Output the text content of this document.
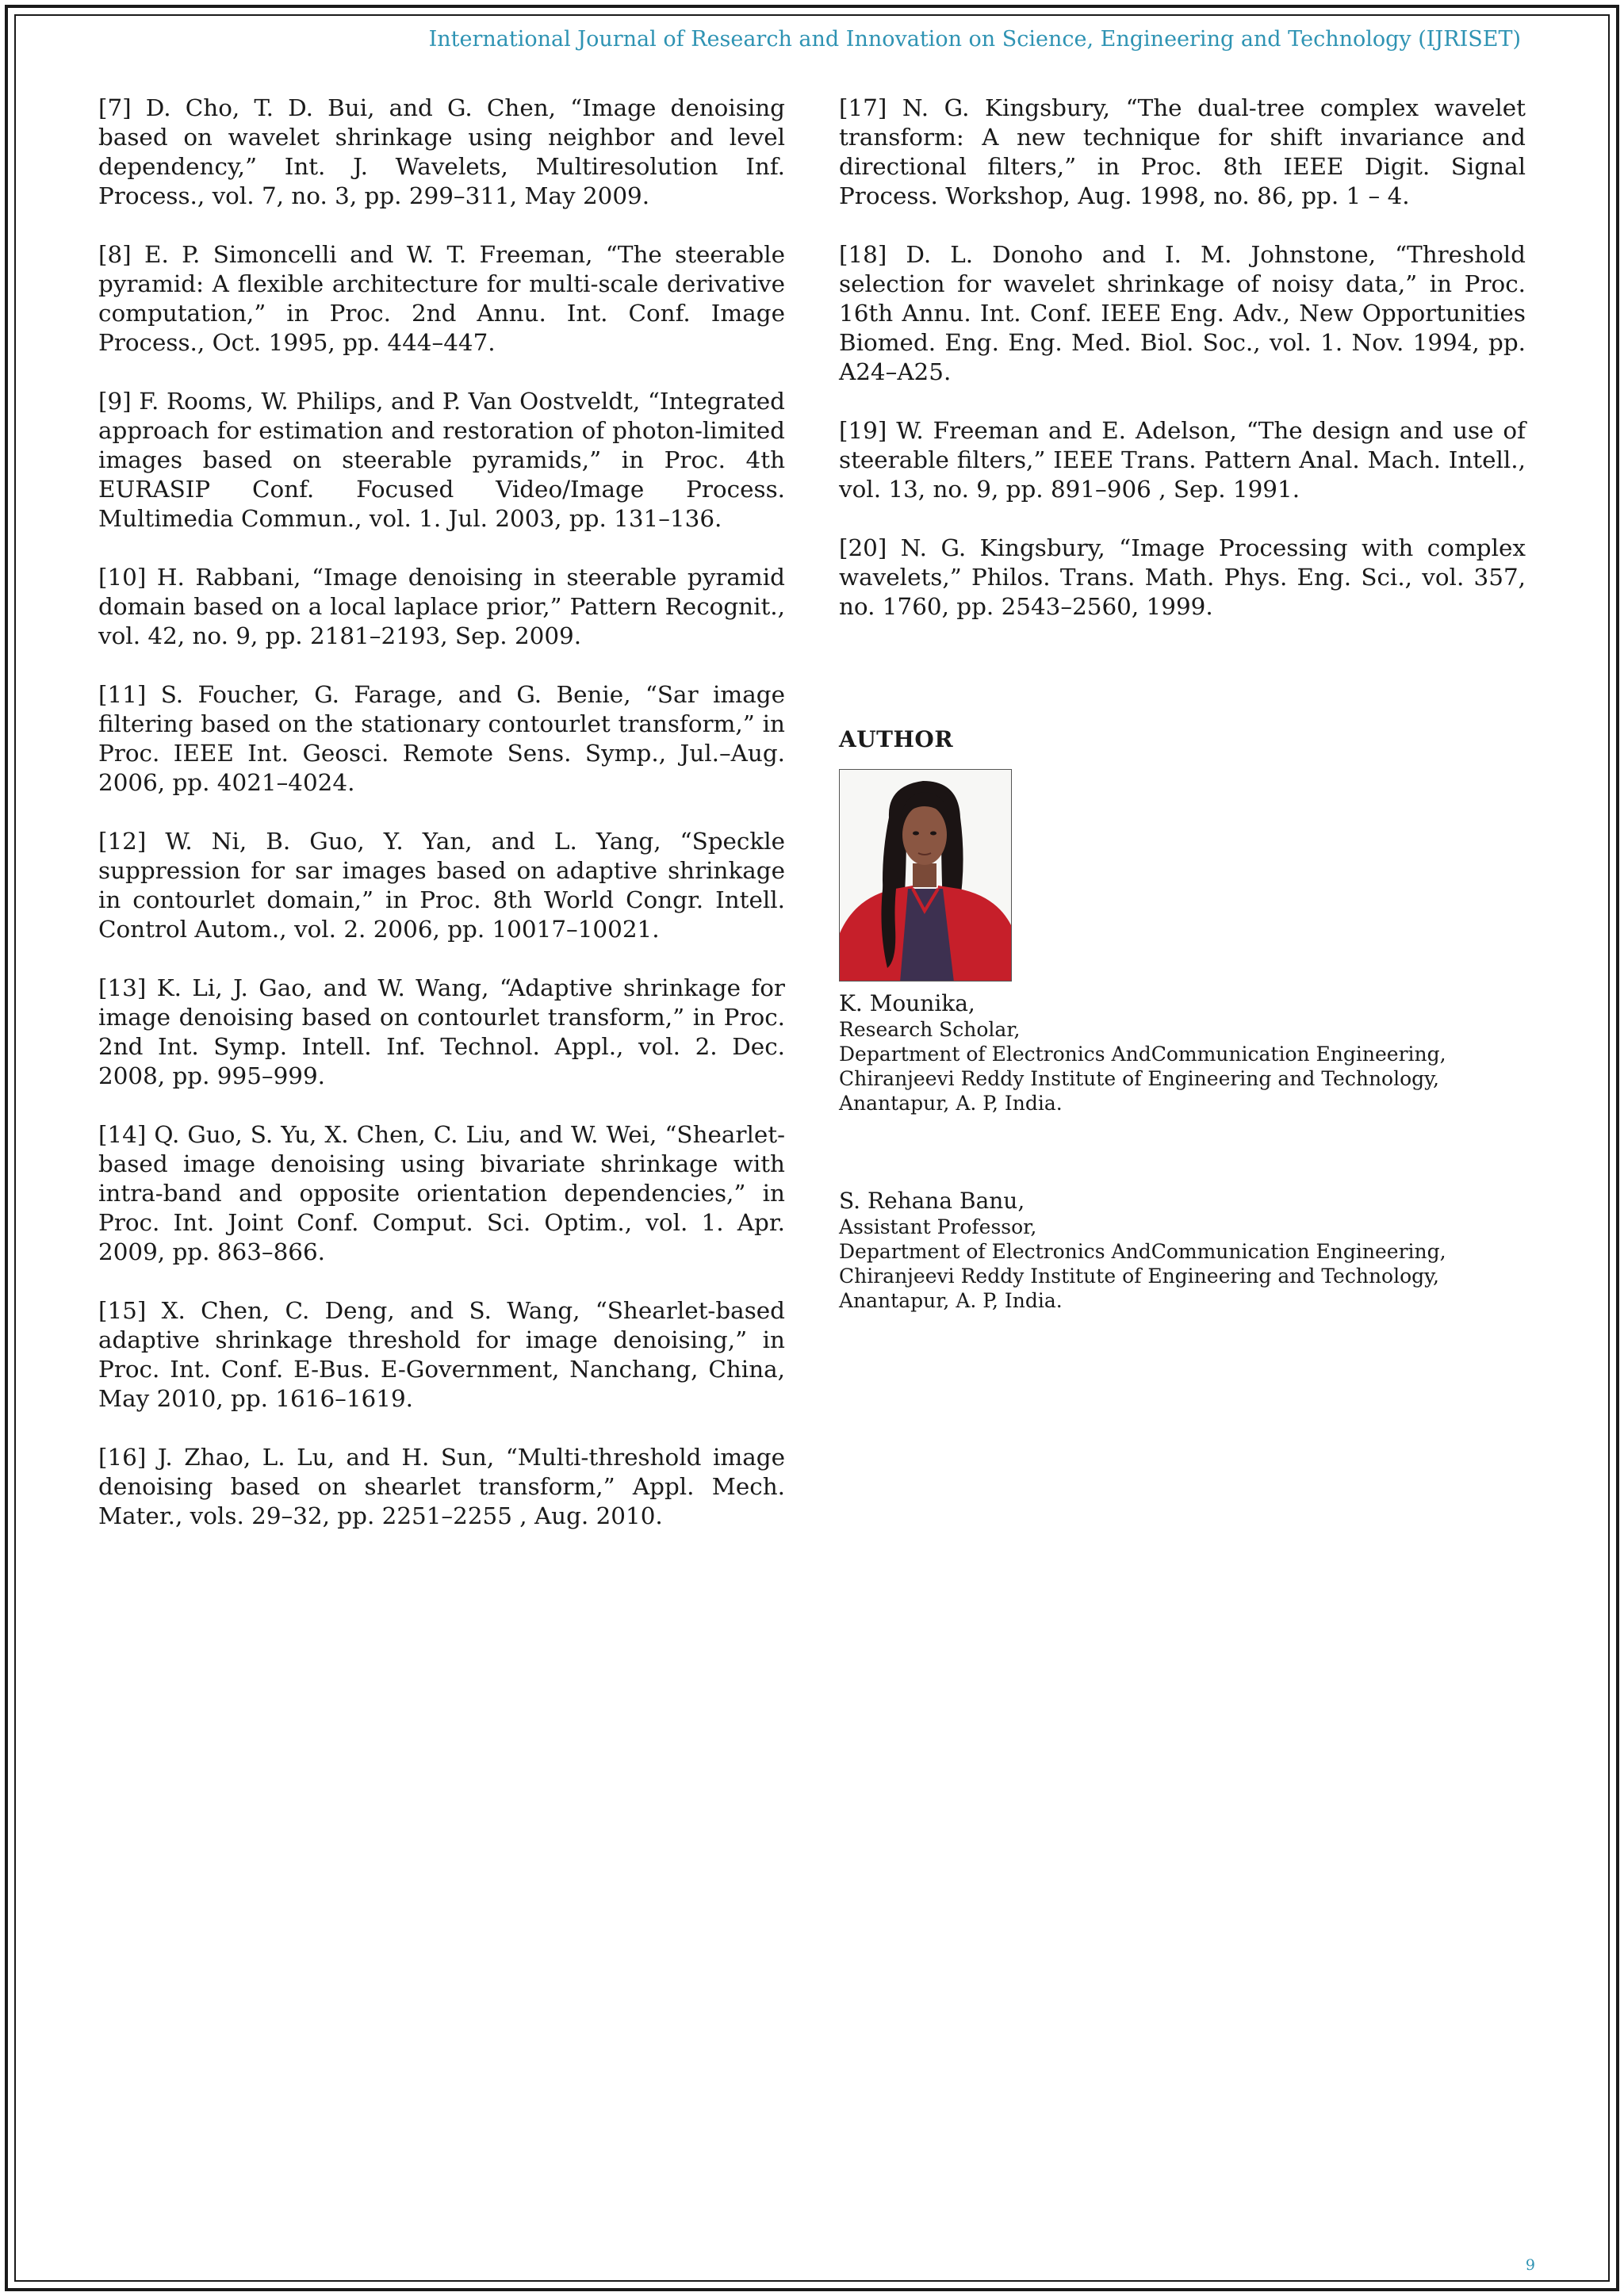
International Journal of Research and Innovation on Science, Engineering and Technology (IJRISET)

[7] D. Cho, T. D. Bui, and G. Chen, “Image denoising based on wavelet shrinkage using neighbor and level dependency,” Int. J. Wavelets, Multiresolution Inf. Process., vol. 7, no. 3, pp. 299–311, May 2009.

[8] E. P. Simoncelli and W. T. Freeman, “The steerable pyramid: A flexible architecture for multi-scale derivative computation,” in Proc. 2nd Annu. Int. Conf. Image Process., Oct. 1995, pp. 444–447.

[9] F. Rooms, W. Philips, and P. Van Oostveldt, “Integrated approach for estimation and restoration of photon-limited images based on steerable pyramids,” in Proc. 4th EURASIP Conf. Focused Video/Image Process. Multimedia Commun., vol. 1. Jul. 2003, pp. 131–136.

[10] H. Rabbani, “Image denoising in steerable pyramid domain based on a local laplace prior,” Pattern Recognit., vol. 42, no. 9, pp. 2181–2193, Sep. 2009.

[11] S. Foucher, G. Farage, and G. Benie, “Sar image filtering based on the stationary contourlet transform,” in Proc. IEEE Int. Geosci. Remote Sens. Symp., Jul.–Aug. 2006, pp. 4021–4024.

[12] W. Ni, B. Guo, Y. Yan, and L. Yang, “Speckle suppression for sar images based on adaptive shrinkage in contourlet domain,” in Proc. 8th World Congr. Intell. Control Autom., vol. 2. 2006, pp. 10017–10021.

[13] K. Li, J. Gao, and W. Wang, “Adaptive shrinkage for image denoising based on contourlet transform,” in Proc. 2nd Int. Symp. Intell. Inf. Technol. Appl., vol. 2. Dec. 2008, pp. 995–999.

[14] Q. Guo, S. Yu, X. Chen, C. Liu, and W. Wei, “Shearlet-based image denoising using bivariate shrinkage with intra-band and opposite orientation dependencies,” in Proc. Int. Joint Conf. Comput. Sci. Optim., vol. 1. Apr. 2009, pp. 863–866.

[15] X. Chen, C. Deng, and S. Wang, “Shearlet-based adaptive shrinkage threshold for image denoising,” in Proc. Int. Conf. E-Bus. E-Government, Nanchang, China, May 2010, pp. 1616–1619.

[16] J. Zhao, L. Lu, and H. Sun, “Multi-threshold image denoising based on shearlet transform,” Appl. Mech. Mater., vols. 29–32, pp. 2251–2255 , Aug. 2010.

[17] N. G. Kingsbury, “The dual-tree complex wavelet transform: A new technique for shift invariance and directional filters,” in Proc. 8th IEEE Digit. Signal Process. Workshop, Aug. 1998, no. 86, pp. 1 – 4.

[18] D. L. Donoho and I. M. Johnstone, “Threshold selection for wavelet shrinkage of noisy data,” in Proc. 16th Annu. Int. Conf. IEEE Eng. Adv., New Opportunities Biomed. Eng. Eng. Med. Biol. Soc., vol. 1. Nov. 1994, pp. A24–A25.

[19] W. Freeman and E. Adelson, “The design and use of steerable filters,” IEEE Trans. Pattern Anal. Mach. Intell., vol. 13, no. 9, pp. 891–906 , Sep. 1991.

[20] N. G. Kingsbury, “Image Processing with complex wavelets,” Philos. Trans. Math. Phys. Eng. Sci., vol. 357, no. 1760, pp. 2543–2560, 1999.

AUTHOR
K. Mounika,
Research Scholar,
Department of Electronics AndCommunication Engineering,
Chiranjeevi Reddy Institute of Engineering and Technology,
Anantapur, A. P, India.
S. Rehana Banu,
Assistant Professor,
Department of Electronics AndCommunication Engineering,
Chiranjeevi Reddy Institute of Engineering and Technology,
Anantapur, A. P, India.
9
